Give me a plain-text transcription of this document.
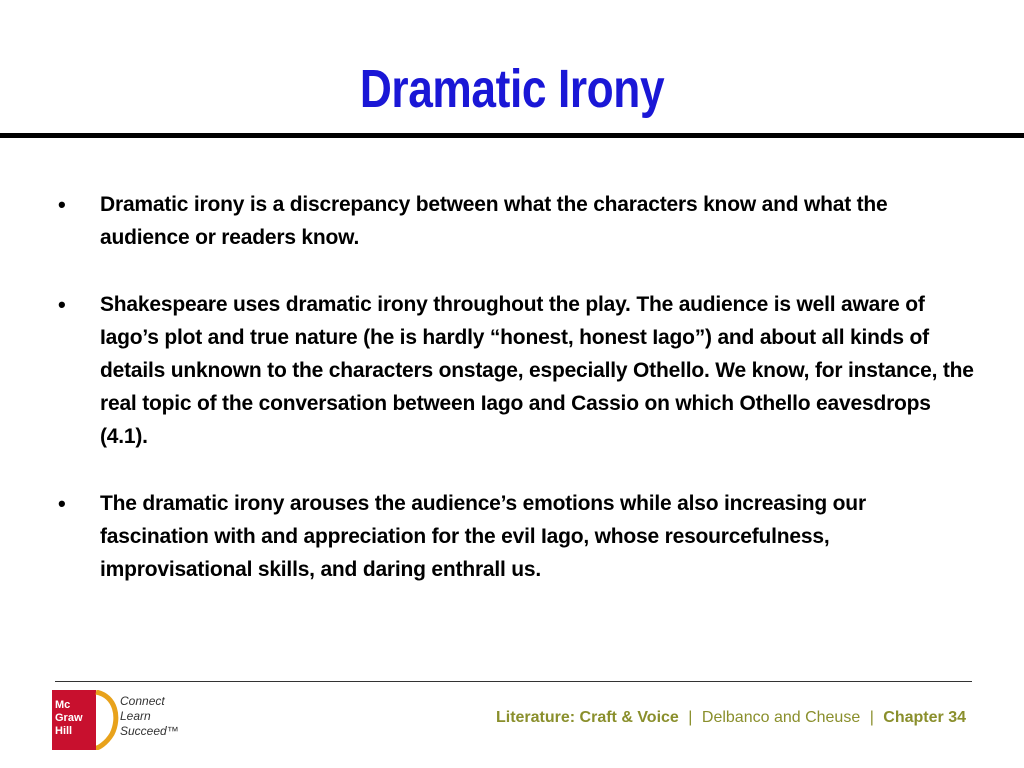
Dramatic Irony
•	Dramatic irony is a discrepancy between what the characters know and what the audience or readers know.
•	Shakespeare uses dramatic irony throughout the play. The audience is well aware of Iago’s plot and true nature (he is hardly “honest, honest Iago”) and about all kinds of details unknown to the characters onstage, especially Othello. We know, for instance, the real topic of the conversation between Iago and Cassio on which Othello eavesdrops (4.1).
•	The dramatic irony arouses the audience’s emotions while also increasing our fascination with and appreciation for the evil Iago, whose resourcefulness, improvisational skills, and daring enthrall us.
Mc
Graw
Hill
Connect
Learn
Succeed™
Literature: Craft & Voice | Delbanco and Cheuse | Chapter 34
